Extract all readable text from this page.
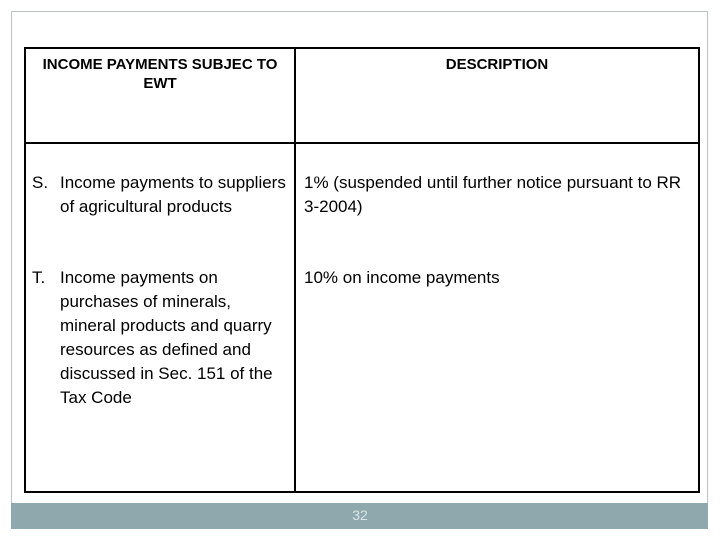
INCOME PAYMENTS SUBJEC TO EWT
DESCRIPTION
S. Income payments to suppliers of agricultural products
1% (suspended until further notice pursuant to RR 3-2004)
T. Income payments on purchases of minerals, mineral products and quarry resources as defined and discussed in Sec. 151 of the Tax Code
10% on income payments
32
